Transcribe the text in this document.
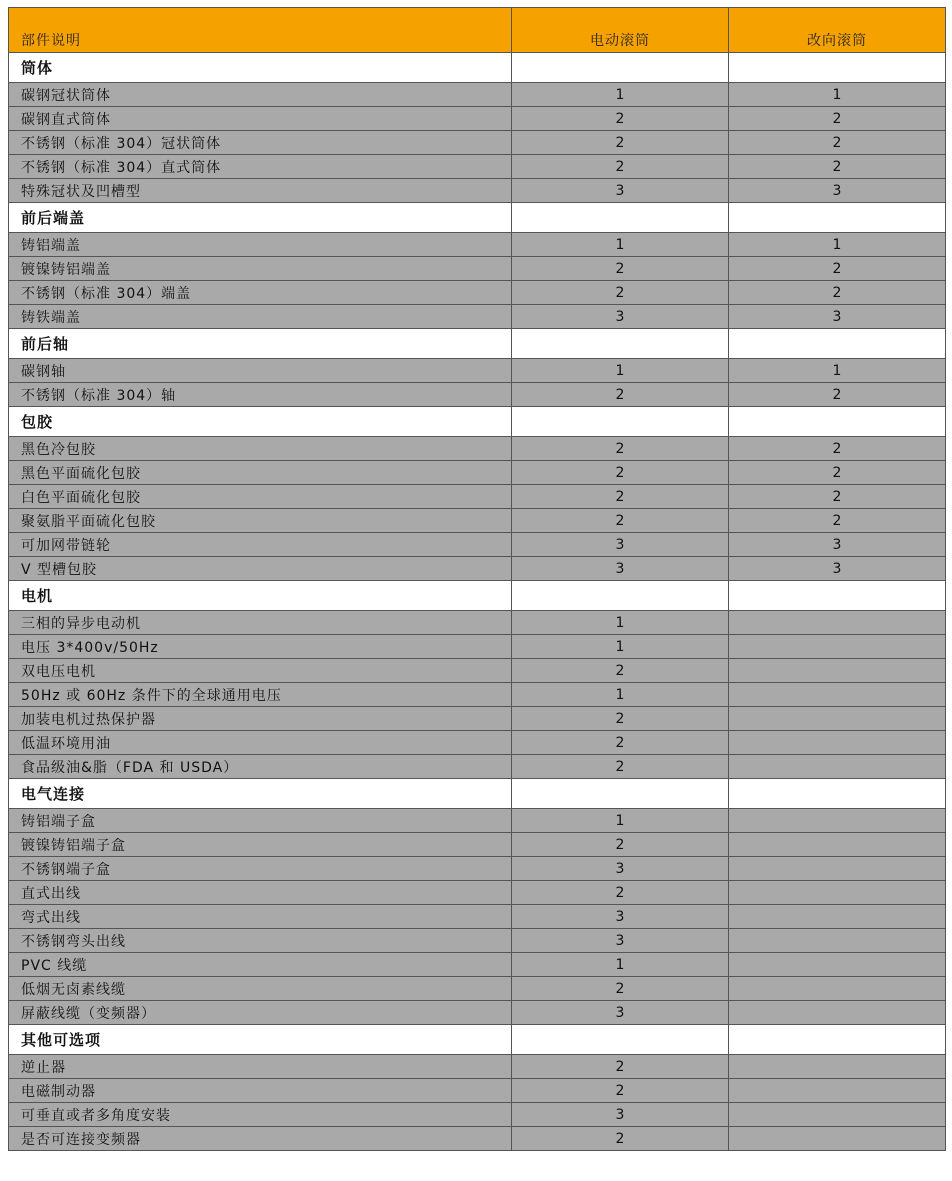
部件说明	电动滚筒	改向滚筒
筒体		
碳钢冠状筒体	1	1
碳钢直式筒体	2	2
不锈钢（标准 304）冠状筒体	2	2
不锈钢（标准 304）直式筒体	2	2
特殊冠状及凹槽型	3	3
前后端盖		
铸铝端盖	1	1
镀镍铸铝端盖	2	2
不锈钢（标准 304）端盖	2	2
铸铁端盖	3	3
前后轴		
碳钢轴	1	1
不锈钢（标准 304）轴	2	2
包胶		
黑色冷包胶	2	2
黑色平面硫化包胶	2	2
白色平面硫化包胶	2	2
聚氨脂平面硫化包胶	2	2
可加网带链轮	3	3
V 型槽包胶	3	3
电机		
三相的异步电动机	1	
电压 3*400v/50Hz	1	
双电压电机	2	
50Hz 或 60Hz 条件下的全球通用电压	1	
加装电机过热保护器	2	
低温环境用油	2	
食品级油&脂（FDA 和 USDA）	2	
电气连接		
铸铝端子盒	1	
镀镍铸铝端子盒	2	
不锈钢端子盒	3	
直式出线	2	
弯式出线	3	
不锈钢弯头出线	3	
PVC 线缆	1	
低烟无卤素线缆	2	
屏蔽线缆（变频器）	3	
其他可选项		
逆止器	2	
电磁制动器	2	
可垂直或者多角度安装	3	
是否可连接变频器	2	
